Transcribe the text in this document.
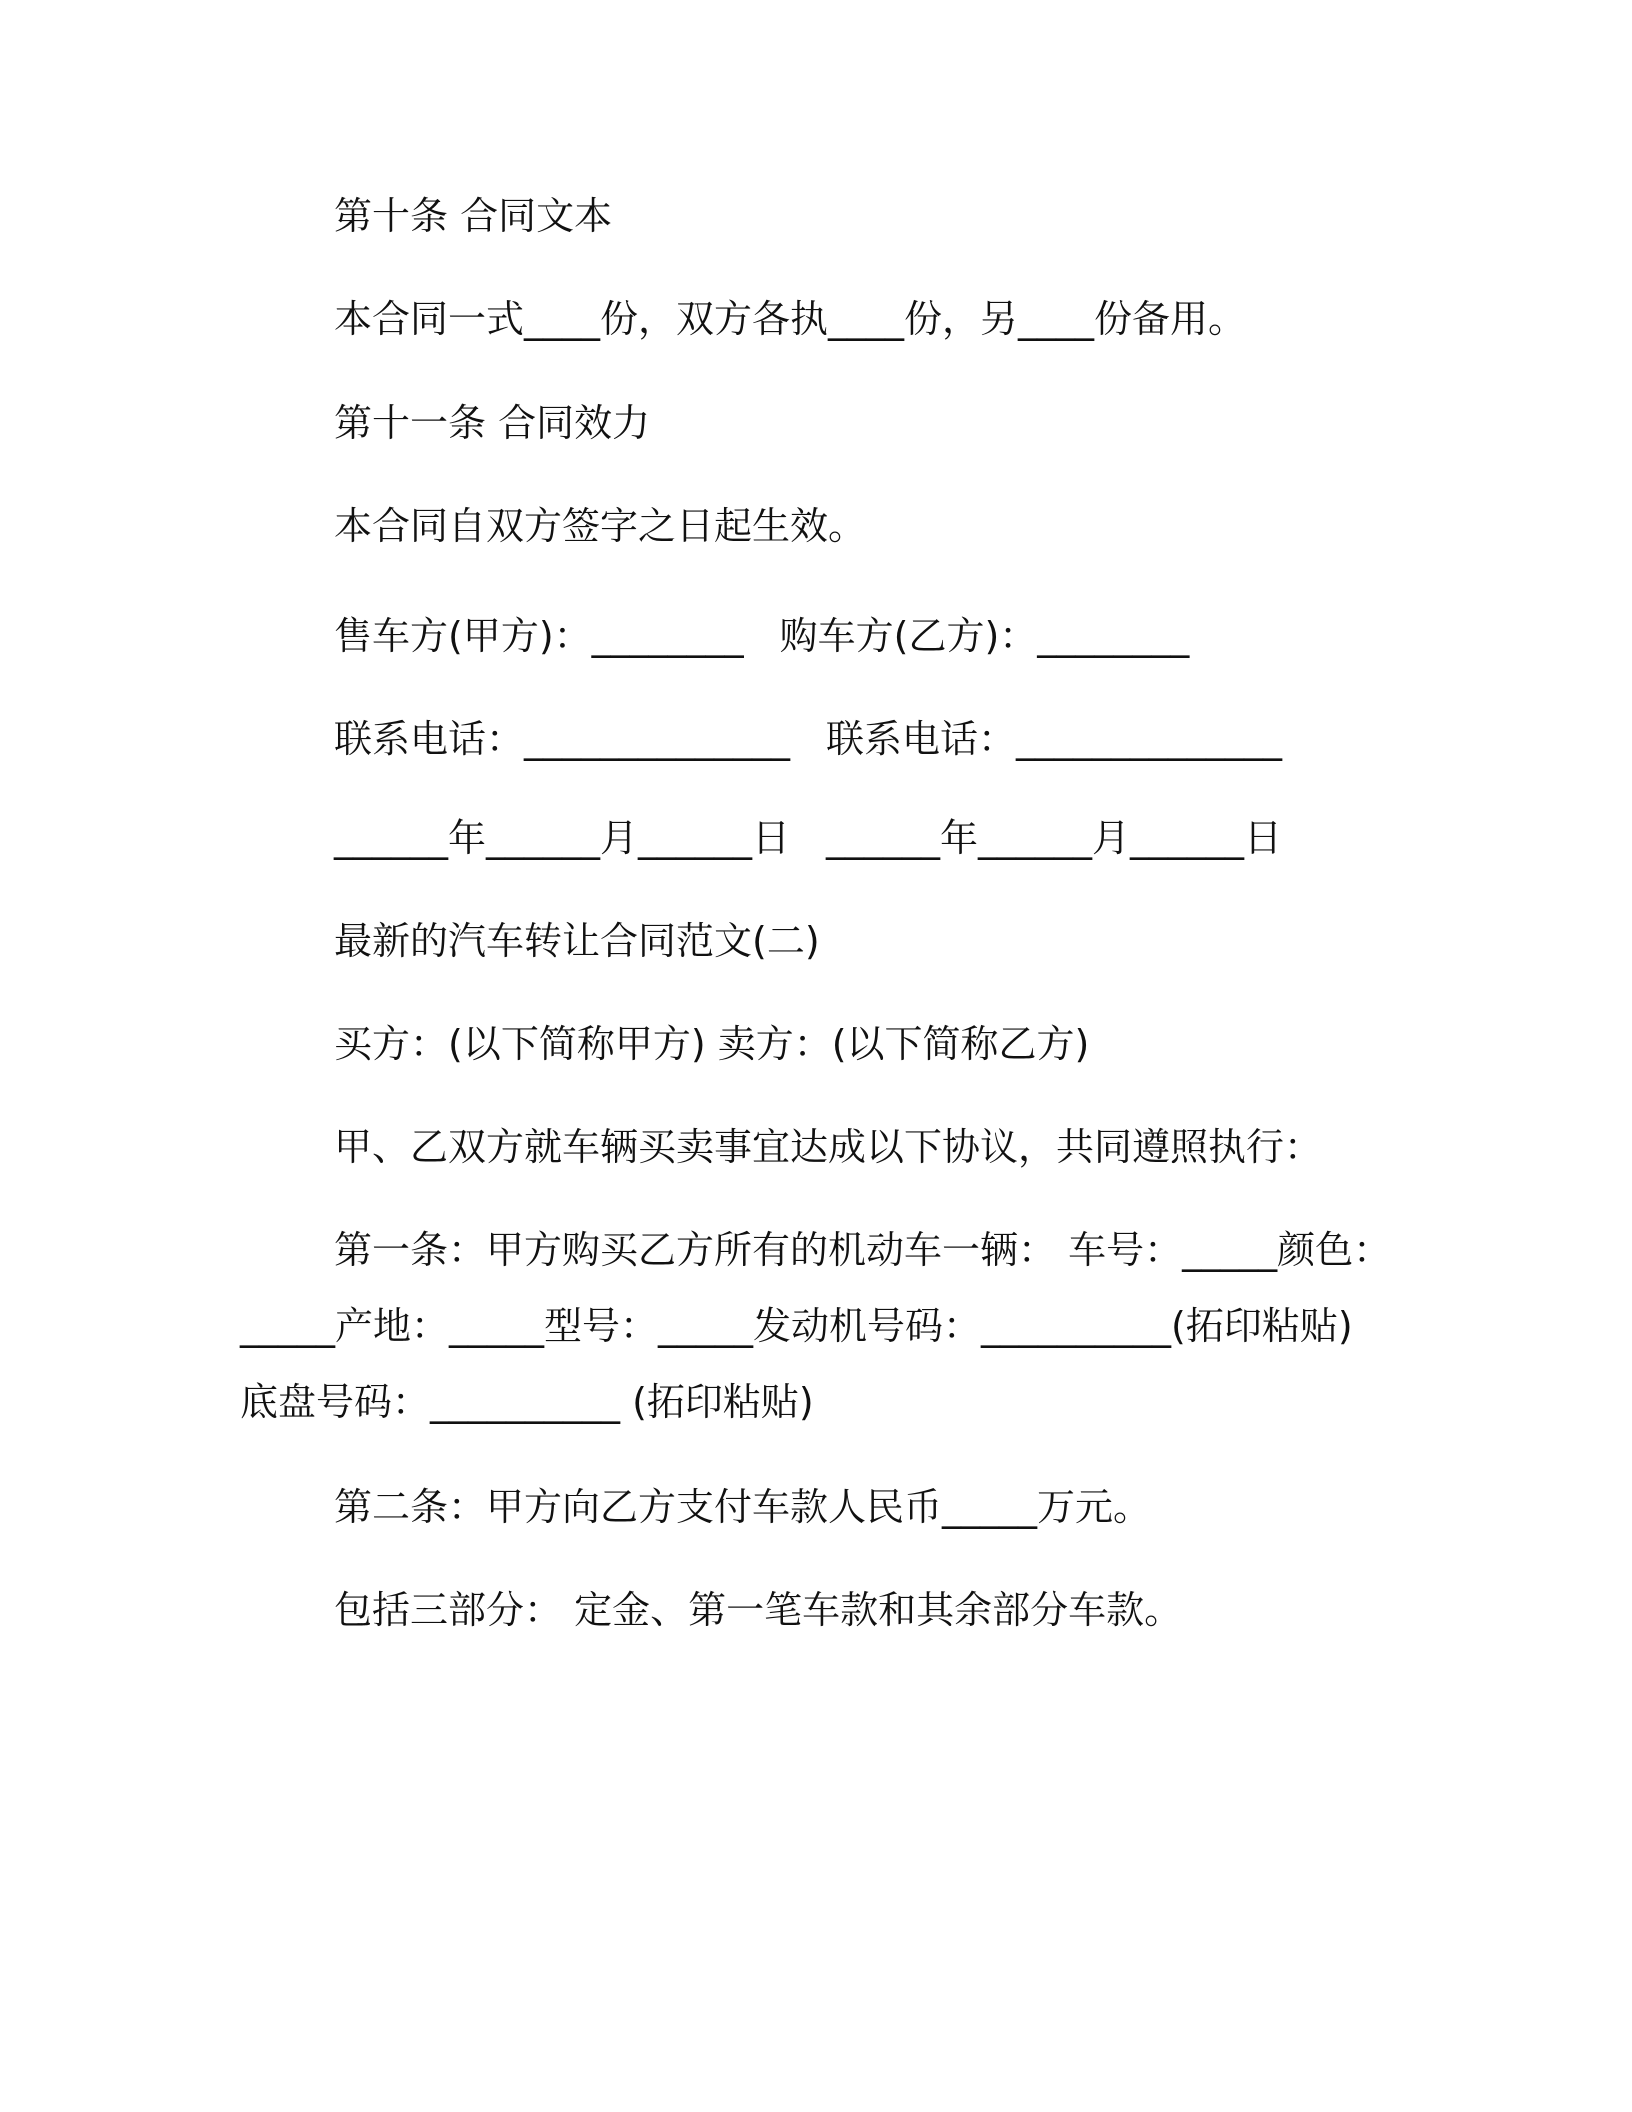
第十条 合同文本
本合同一式____份，双方各执____份，另____份备用。
第十一条 合同效力
本合同自双方签字之日起生效。
售车方(甲方)：________ 购车方(乙方)：________
联系电话：______________ 联系电话：______________
______年______月______日 ______年______月______日
最新的汽车转让合同范文(二)
买方：(以下简称甲方) 卖方：(以下简称乙方)
甲、乙双方就车辆买卖事宜达成以下协议，共同遵照执行：
第一条：甲方购买乙方所有的机动车一辆： 车号：_____颜色：
_____产地：_____型号：_____发动机号码：__________(拓印粘贴)
底盘号码：__________ (拓印粘贴)
第二条：甲方向乙方支付车款人民币_____万元。
包括三部分： 定金、第一笔车款和其余部分车款。
